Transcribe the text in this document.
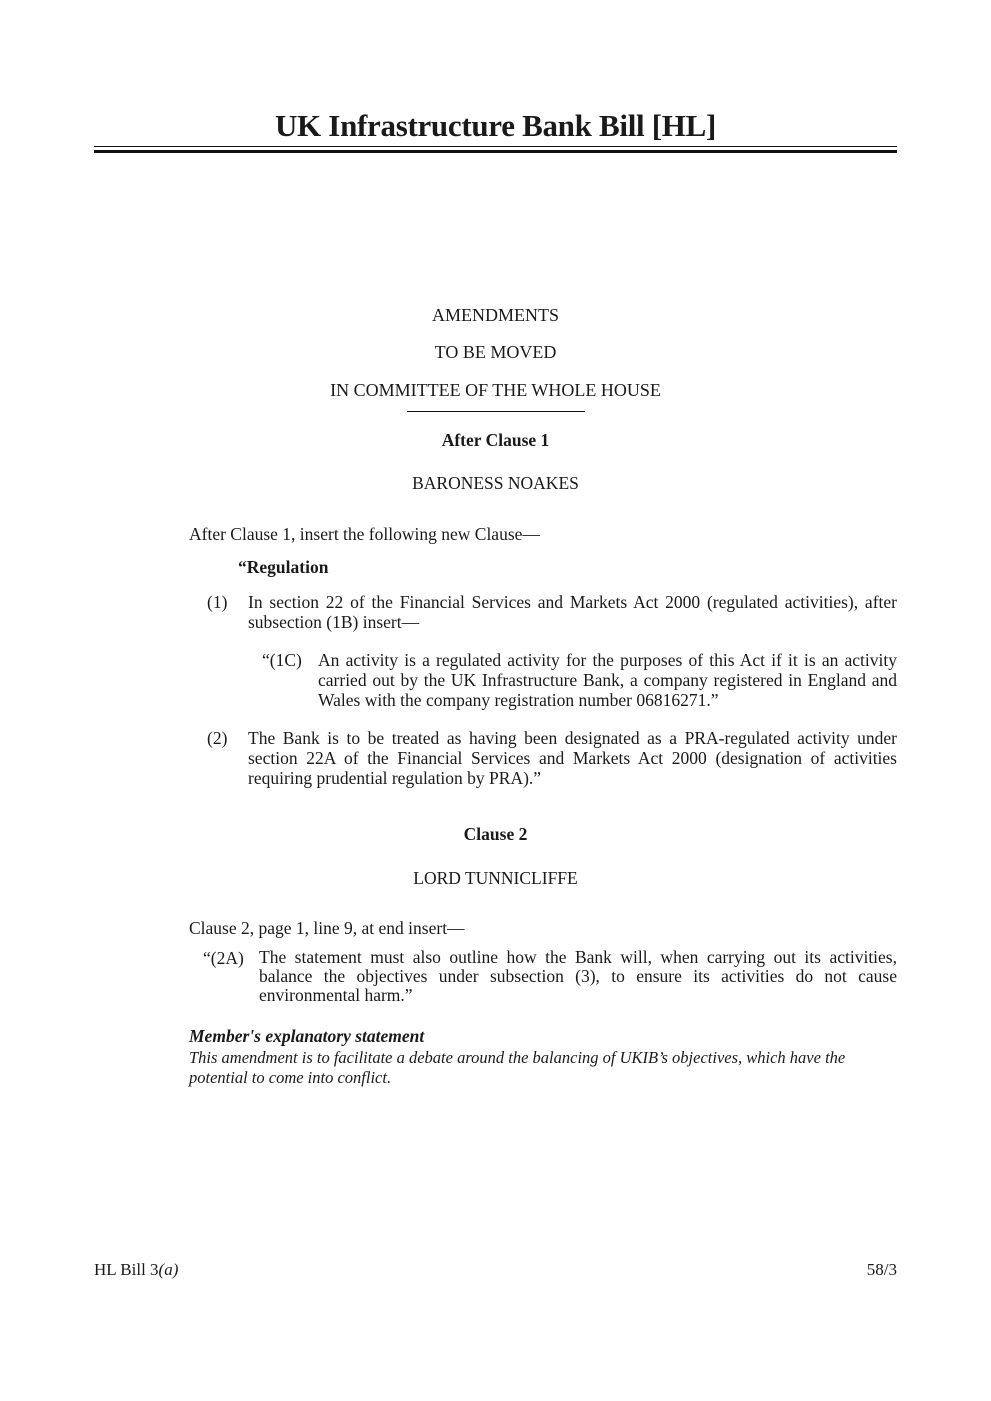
UK Infrastructure Bank Bill [HL]
AMENDMENTS
TO BE MOVED
IN COMMITTEE OF THE WHOLE HOUSE
After Clause 1
BARONESS NOAKES
After Clause 1, insert the following new Clause—
“Regulation
(1) In section 22 of the Financial Services and Markets Act 2000 (regulated activities), after subsection (1B) insert—
“(1C) An activity is a regulated activity for the purposes of this Act if it is an activity carried out by the UK Infrastructure Bank, a company registered in England and Wales with the company registration number 06816271.”
(2) The Bank is to be treated as having been designated as a PRA-regulated activity under section 22A of the Financial Services and Markets Act 2000 (designation of activities requiring prudential regulation by PRA).”
Clause 2
LORD TUNNICLIFFE
Clause 2, page 1, line 9, at end insert—
“(2A) The statement must also outline how the Bank will, when carrying out its activities, balance the objectives under subsection (3), to ensure its activities do not cause environmental harm.”
Member's explanatory statement
This amendment is to facilitate a debate around the balancing of UKIB’s objectives, which have the potential to come into conflict.
HL Bill 3(a)	58/3
